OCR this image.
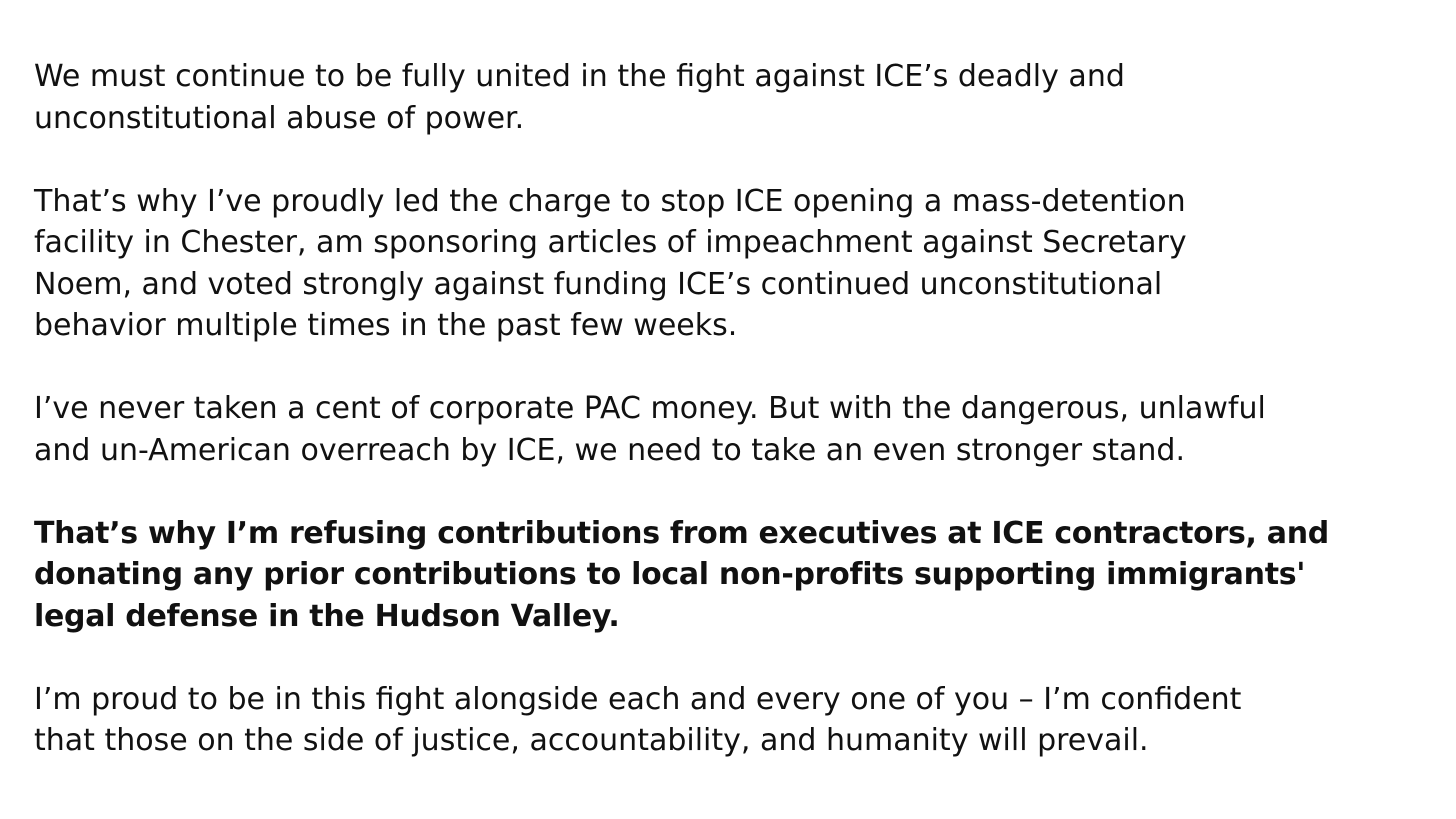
We must continue to be fully united in the fight against ICE’s deadly and
unconstitutional abuse of power.

That’s why I’ve proudly led the charge to stop ICE opening a mass-detention
facility in Chester, am sponsoring articles of impeachment against Secretary
Noem, and voted strongly against funding ICE’s continued unconstitutional
behavior multiple times in the past few weeks.

I’ve never taken a cent of corporate PAC money. But with the dangerous, unlawful
and un-American overreach by ICE, we need to take an even stronger stand.

That’s why I’m refusing contributions from executives at ICE contractors, and
donating any prior contributions to local non-profits supporting immigrants'
legal defense in the Hudson Valley.

I’m proud to be in this fight alongside each and every one of you – I’m confident
that those on the side of justice, accountability, and humanity will prevail.
